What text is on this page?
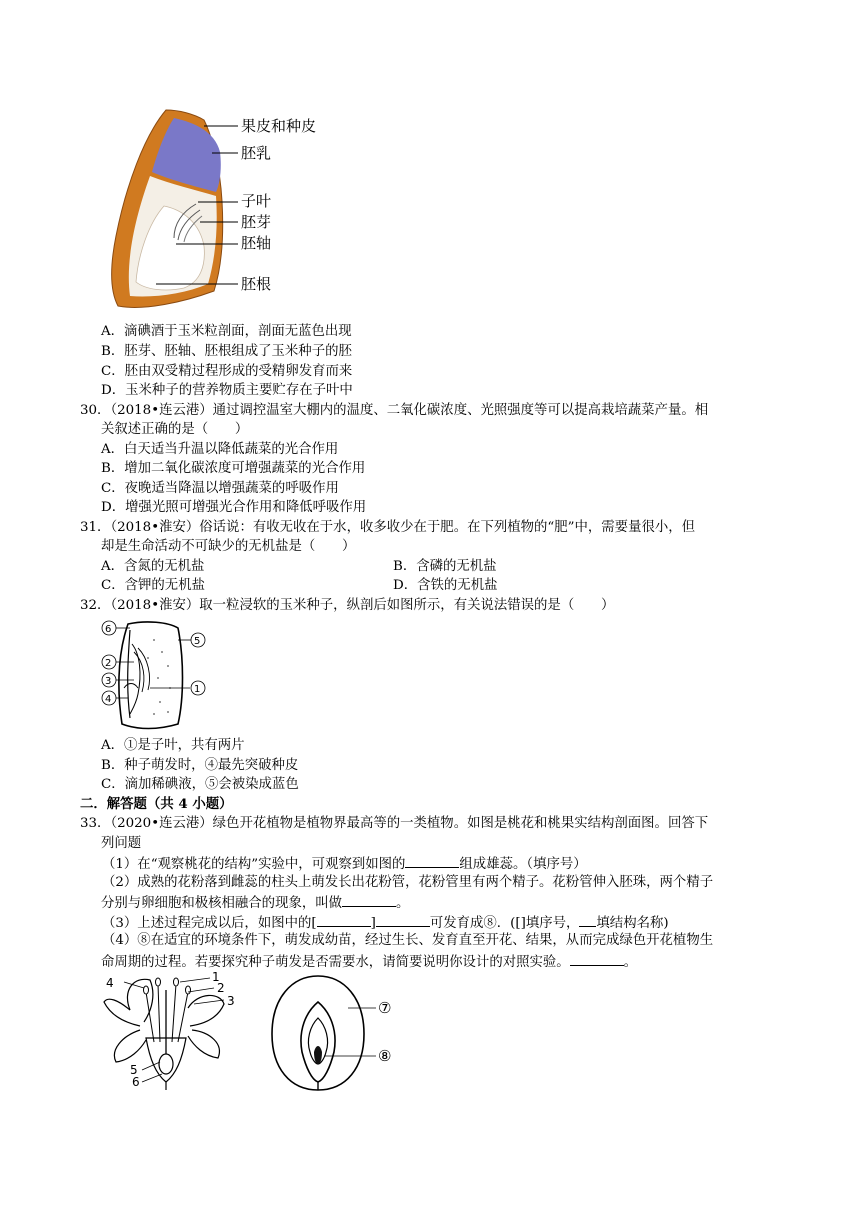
果皮和种皮
胚乳
子叶
胚芽
胚轴
胚根
A．滴碘酒于玉米粒剖面，剖面无蓝色出现
B．胚芽、胚轴、胚根组成了玉米种子的胚
C．胚由双受精过程形成的受精卵发育而来
D．玉米种子的营养物质主要贮存在子叶中
30．（2018•连云港）通过调控温室大棚内的温度、二氧化碳浓度、光照强度等可以提高栽培蔬菜产量。相
关叙述正确的是（　　）
A．白天适当升温以降低蔬菜的光合作用
B．增加二氧化碳浓度可增强蔬菜的光合作用
C．夜晚适当降温以增强蔬菜的呼吸作用
D．增强光照可增强光合作用和降低呼吸作用
31．（2018•淮安）俗话说：有收无收在于水，收多收少在于肥。在下列植物的“肥”中，需要量很小，但
却是生命活动不可缺少的无机盐是（　　）
A．含氮的无机盐	B．含磷的无机盐
C．含钾的无机盐	D．含铁的无机盐
32．（2018•淮安）取一粒浸软的玉米种子，纵剖后如图所示，有关说法错误的是（　　）
6
5
2
3
1
4
A．①是子叶，共有两片
B．种子萌发时，④最先突破种皮
C．滴加稀碘液，⑤会被染成蓝色
二．解答题（共 4 小题）
33．（2020•连云港）绿色开花植物是植物界最高等的一类植物。如图是桃花和桃果实结构剖面图。回答下
列问题
（1）在“观察桃花的结构”实验中，可观察到如图的	组成雄蕊。（填序号）
（2）成熟的花粉落到雌蕊的柱头上萌发长出花粉管，花粉管里有两个精子。花粉管伸入胚珠，两个精子
分别与卵细胞和极核相融合的现象，叫做	。
（3）上述过程完成以后，如图中的[	]	可发育成⑧．([]填序号， 填结构名称)
（4）⑧在适宜的环境条件下，萌发成幼苗，经过生长、发育直至开花、结果，从而完成绿色开花植物生
命周期的过程。若要探究种子萌发是否需要水，请简要说明你设计的对照实验。	。
4	1
2
3
5
6
⑦
⑧
